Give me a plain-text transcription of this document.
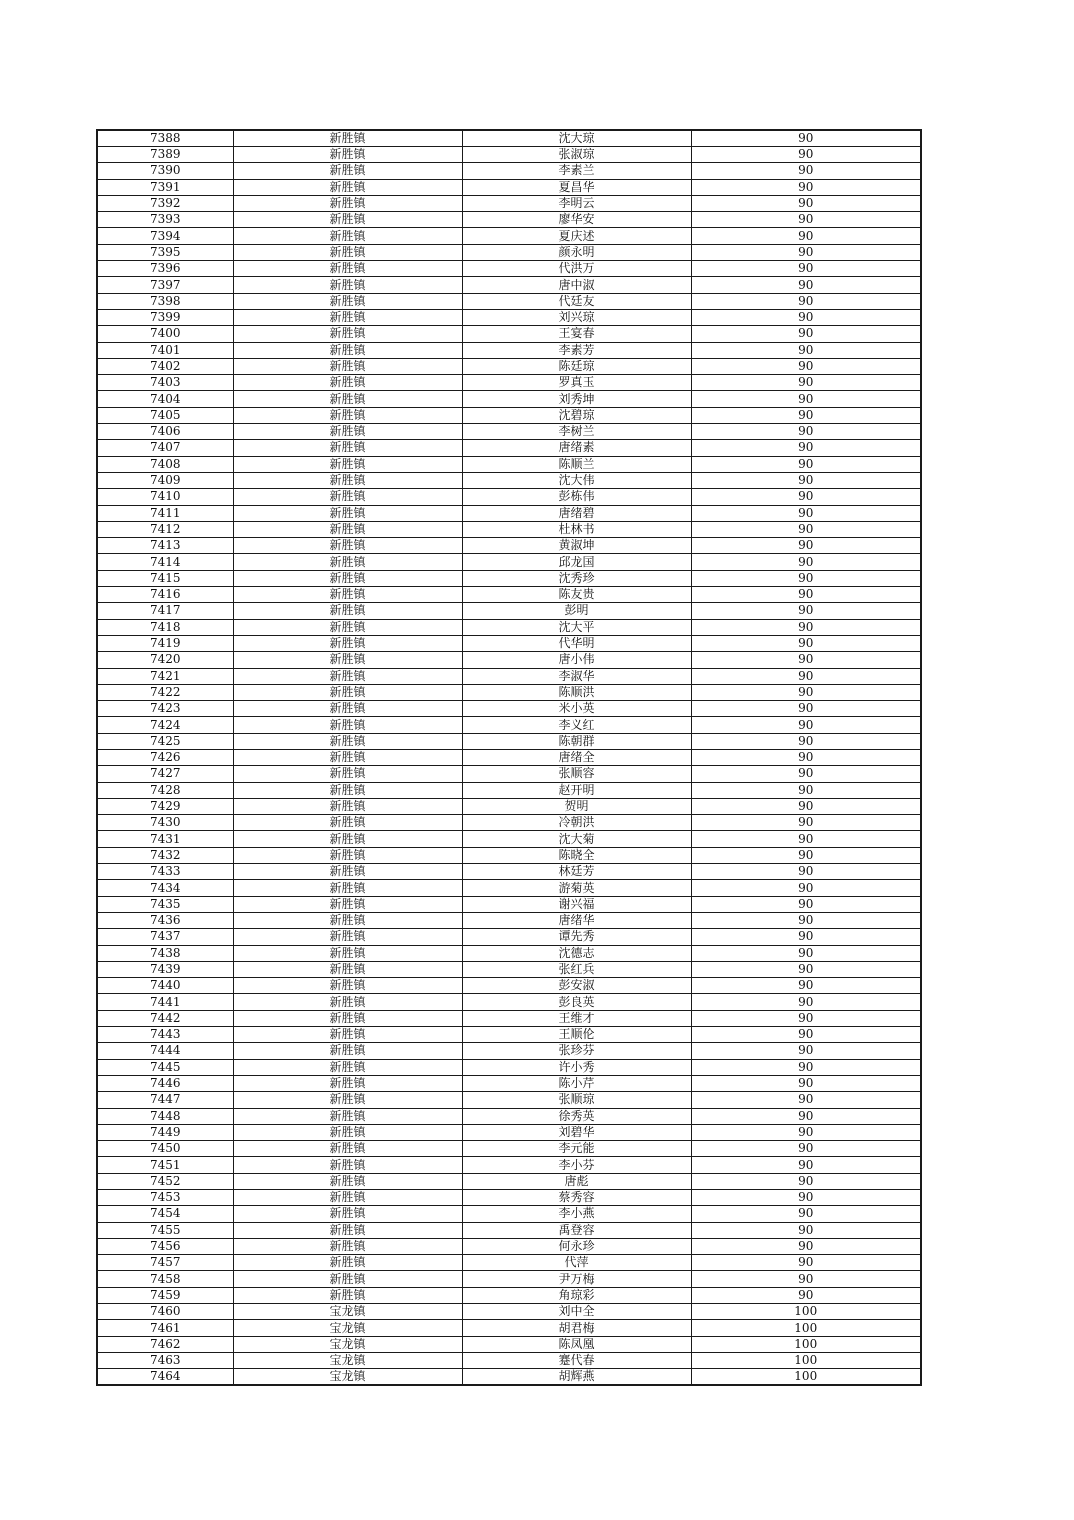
7388	新胜镇	沈大琼	90
7389	新胜镇	张淑琼	90
7390	新胜镇	李素兰	90
7391	新胜镇	夏昌华	90
7392	新胜镇	李明云	90
7393	新胜镇	廖华安	90
7394	新胜镇	夏庆述	90
7395	新胜镇	颜永明	90
7396	新胜镇	代洪万	90
7397	新胜镇	唐中淑	90
7398	新胜镇	代廷友	90
7399	新胜镇	刘兴琼	90
7400	新胜镇	王宴春	90
7401	新胜镇	李素芳	90
7402	新胜镇	陈廷琼	90
7403	新胜镇	罗真玉	90
7404	新胜镇	刘秀坤	90
7405	新胜镇	沈碧琼	90
7406	新胜镇	李树兰	90
7407	新胜镇	唐绪素	90
7408	新胜镇	陈顺兰	90
7409	新胜镇	沈大伟	90
7410	新胜镇	彭栋伟	90
7411	新胜镇	唐绪碧	90
7412	新胜镇	杜林书	90
7413	新胜镇	黄淑坤	90
7414	新胜镇	邱龙国	90
7415	新胜镇	沈秀珍	90
7416	新胜镇	陈友贵	90
7417	新胜镇	彭明	90
7418	新胜镇	沈大平	90
7419	新胜镇	代华明	90
7420	新胜镇	唐小伟	90
7421	新胜镇	李淑华	90
7422	新胜镇	陈顺洪	90
7423	新胜镇	米小英	90
7424	新胜镇	李义红	90
7425	新胜镇	陈朝群	90
7426	新胜镇	唐绪全	90
7427	新胜镇	张顺容	90
7428	新胜镇	赵开明	90
7429	新胜镇	贺明	90
7430	新胜镇	冷朝洪	90
7431	新胜镇	沈大菊	90
7432	新胜镇	陈晓全	90
7433	新胜镇	林廷芳	90
7434	新胜镇	游菊英	90
7435	新胜镇	谢兴福	90
7436	新胜镇	唐绪华	90
7437	新胜镇	谭先秀	90
7438	新胜镇	沈德志	90
7439	新胜镇	张红兵	90
7440	新胜镇	彭安淑	90
7441	新胜镇	彭良英	90
7442	新胜镇	王维才	90
7443	新胜镇	王顺伦	90
7444	新胜镇	张珍芬	90
7445	新胜镇	许小秀	90
7446	新胜镇	陈小芹	90
7447	新胜镇	张顺琼	90
7448	新胜镇	徐秀英	90
7449	新胜镇	刘碧华	90
7450	新胜镇	李元能	90
7451	新胜镇	李小芬	90
7452	新胜镇	唐彪	90
7453	新胜镇	蔡秀容	90
7454	新胜镇	李小燕	90
7455	新胜镇	禹登容	90
7456	新胜镇	何永珍	90
7457	新胜镇	代萍	90
7458	新胜镇	尹万梅	90
7459	新胜镇	角琼彩	90
7460	宝龙镇	刘中全	100
7461	宝龙镇	胡君梅	100
7462	宝龙镇	陈凤凰	100
7463	宝龙镇	蹇代春	100
7464	宝龙镇	胡辉燕	100
